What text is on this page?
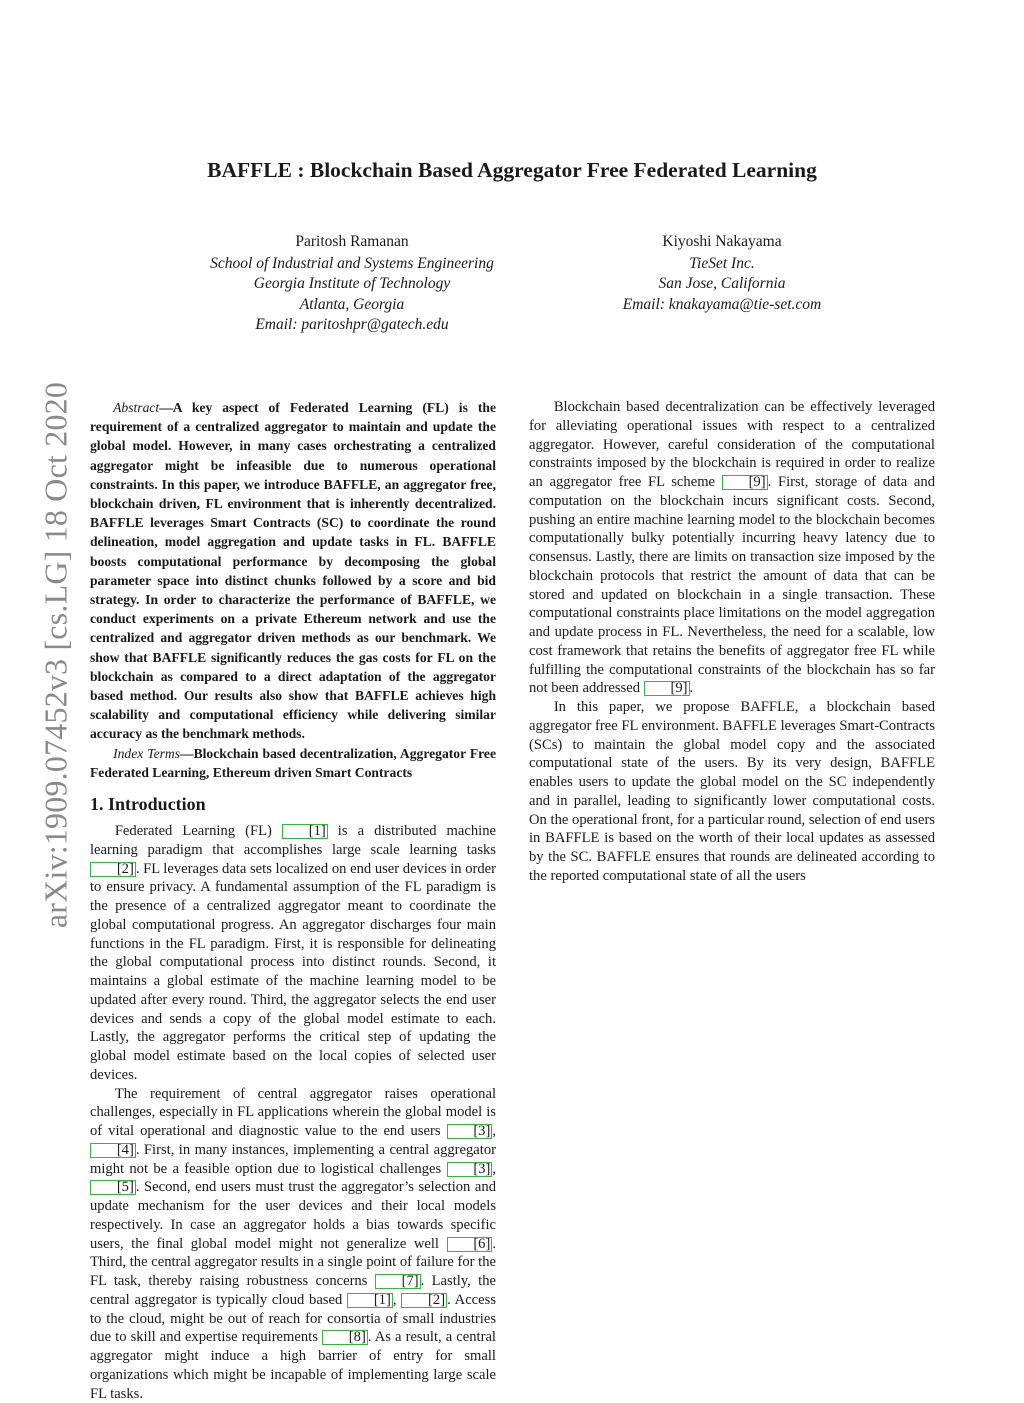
arXiv:1909.07452v3 [cs.LG] 18 Oct 2020
BAFFLE : Blockchain Based Aggregator Free Federated Learning
Paritosh Ramanan
School of Industrial and Systems Engineering
Georgia Institute of Technology
Atlanta, Georgia
Email: paritoshpr@gatech.edu
Kiyoshi Nakayama
TieSet Inc.
San Jose, California
Email: knakayama@tie-set.com

Abstract—A key aspect of Federated Learning (FL) is the requirement of a centralized aggregator to maintain and update the global model. However, in many cases orchestrating a centralized aggregator might be infeasible due to numerous operational constraints. In this paper, we introduce BAFFLE, an aggregator free, blockchain driven, FL environment that is inherently decentralized. BAFFLE leverages Smart Contracts (SC) to coordinate the round delineation, model aggregation and update tasks in FL. BAFFLE boosts computational performance by decomposing the global parameter space into distinct chunks followed by a score and bid strategy. In order to characterize the performance of BAFFLE, we conduct experiments on a private Ethereum network and use the centralized and aggregator driven methods as our benchmark. We show that BAFFLE significantly reduces the gas costs for FL on the blockchain as compared to a direct adaptation of the aggregator based method. Our results also show that BAFFLE achieves high scalability and computational efficiency while delivering similar accuracy as the benchmark methods.

Index Terms—Blockchain based decentralization, Aggregator Free Federated Learning, Ethereum driven Smart Contracts

1. Introduction

Federated Learning (FL) [1] is a distributed machine learning paradigm that accomplishes large scale learning tasks [2] . FL leverages data sets localized on end user devices in order to ensure privacy. A fundamental assumption of the FL paradigm is the presence of a centralized aggregator meant to coordinate the global computational progress. An aggregator discharges four main functions in the FL paradigm. First, it is responsible for delineating the global computational process into distinct rounds. Second, it maintains a global estimate of the machine learning model to be updated after every round. Third, the aggregator selects the end user devices and sends a copy of the global model estimate to each. Lastly, the aggregator performs the critical step of updating the global model estimate based on the local copies of selected user devices.

The requirement of central aggregator raises operational challenges, especially in FL applications wherein the global model is of vital operational and diagnostic value to the end users [3] , [4] . First, in many instances, implementing a central aggregator might not be a feasible option due to logistical challenges [3] , [5] . Second, end users must trust the aggregator’s selection and update mechanism for the user devices and their local models respectively. In case an aggregator holds a bias towards specific users, the final global model might not generalize well [6] . Third, the central aggregator results in a single point of failure for the FL task, thereby raising robustness concerns [7] . Lastly, the central aggregator is typically cloud based [1] , [2] . Access to the cloud, might be out of reach for consortia of small industries due to skill and expertise requirements [8] . As a result, a central aggregator might induce a high barrier of entry for small organizations which might be incapable of implementing large scale FL tasks.

Blockchain based decentralization can be effectively leveraged for alleviating operational issues with respect to a centralized aggregator. However, careful consideration of the computational constraints imposed by the blockchain is required in order to realize an aggregator free FL scheme [9] . First, storage of data and computation on the blockchain incurs significant costs. Second, pushing an entire machine learning model to the blockchain becomes computationally bulky potentially incurring heavy latency due to consensus. Lastly, there are limits on transaction size imposed by the blockchain protocols that restrict the amount of data that can be stored and updated on blockchain in a single transaction. These computational constraints place limitations on the model aggregation and update process in FL. Nevertheless, the need for a scalable, low cost framework that retains the benefits of aggregator free FL while fulfilling the computational constraints of the blockchain has so far not been addressed [9] .

In this paper, we propose BAFFLE, a blockchain based aggregator free FL environment. BAFFLE leverages Smart-Contracts (SCs) to maintain the global model copy and the associated computational state of the users. By its very design, BAFFLE enables users to update the global model on the SC independently and in parallel, leading to significantly lower computational costs. On the operational front, for a particular round, selection of end users in BAFFLE is based on the worth of their local updates as assessed by the SC. BAFFLE ensures that rounds are delineated according to the reported computational state of all the users
